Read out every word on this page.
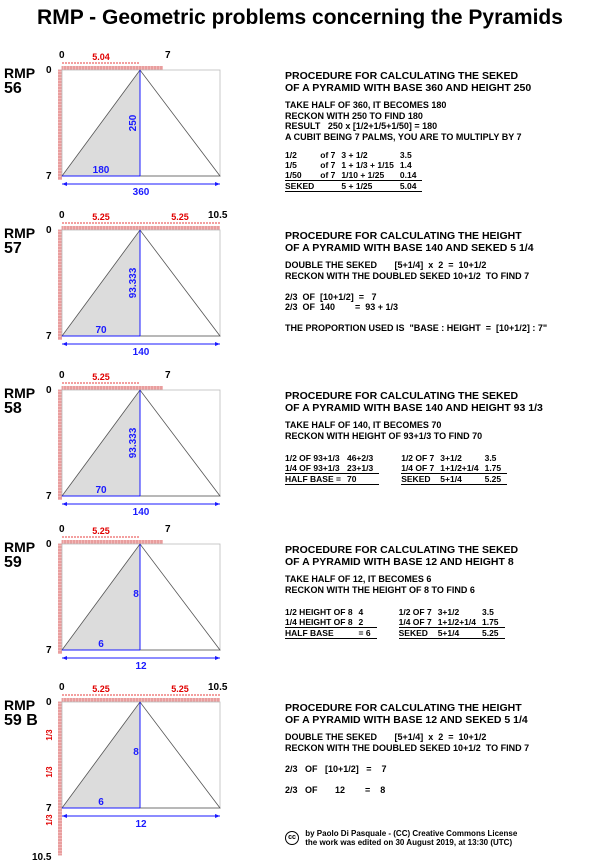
RMP - Geometric problems concerning the Pyramids
RMP
56
0	7
5.04
0
7
250
180
360
PROCEDURE FOR CALCULATING THE SEKED
OF A PYRAMID WITH BASE 360 AND HEIGHT 250
TAKE HALF OF 360, IT BECOMES 180
RECKON WITH 250 TO FIND 180
RESULT   250 x [1/2+1/5+1/50] = 180
A CUBIT BEING 7 PALMS, YOU ARE TO MULTIPLY BY 7
1/2	of 7	3 + 1/2	3.5
1/5	of 7	1 + 1/3 + 1/15	1.4
1/50	of 7	1/10 + 1/25	0.14
SEKED		5 + 1/25	5.04
RMP
57
0	10.5
5.25	5.25
0
7
93.333
70
140
PROCEDURE FOR CALCULATING THE HEIGHT
OF A PYRAMID WITH BASE 140 AND SEKED 5 1/4
DOUBLE THE SEKED       [5+1/4]  x  2  =  10+1/2
RECKON WITH THE DOUBLED SEKED 10+1/2  TO FIND 7

2/3  OF  [10+1/2]  =   7
2/3  OF  140        =  93 + 1/3

THE PROPORTION USED IS  "BASE : HEIGHT  =  [10+1/2] : 7"
RMP
58
0	7
5.25
0
7
93.333
70
140
PROCEDURE FOR CALCULATING THE SEKED
OF A PYRAMID WITH BASE 140 AND HEIGHT 93 1/3
TAKE HALF OF 140, IT BECOMES 70
RECKON WITH HEIGHT OF 93+1/3 TO FIND 70
1/2 OF 93+1/3	46+2/3
1/4 OF 93+1/3	23+1/3
HALF BASE =	70
1/2 OF 7	3+1/2	3.5
1/4 OF 7	1+1/2+1/4	1.75
SEKED	5+1/4	5.25
RMP
59
0	7
5.25
0
7
8
6
12
PROCEDURE FOR CALCULATING THE SEKED
OF A PYRAMID WITH BASE 12 AND HEIGHT 8
TAKE HALF OF 12, IT BECOMES 6
RECKON WITH THE HEIGHT OF 8 TO FIND 6
1/2 HEIGHT OF 8	4
1/4 HEIGHT OF 8	2
HALF BASE	= 6
1/2 OF 7	3+1/2	3.5
1/4 OF 7	1+1/2+1/4	1.75
SEKED	5+1/4	5.25
RMP
59 B
0	10.5
5.25	5.25
0
7
8
6
12
1/3
1/3
1/3
10.5
PROCEDURE FOR CALCULATING THE HEIGHT
OF A PYRAMID WITH BASE 12 AND SEKED 5 1/4
DOUBLE THE SEKED       [5+1/4]  x  2  =  10+1/2
RECKON WITH THE DOUBLED SEKED 10+1/2  TO FIND 7

2/3   OF   [10+1/2]   =    7

2/3   OF       12        =    8
cc by Paolo Di Pasquale - (CC) Creative Commons License
the work was edited on 30 August 2019, at 13:30 (UTC)
